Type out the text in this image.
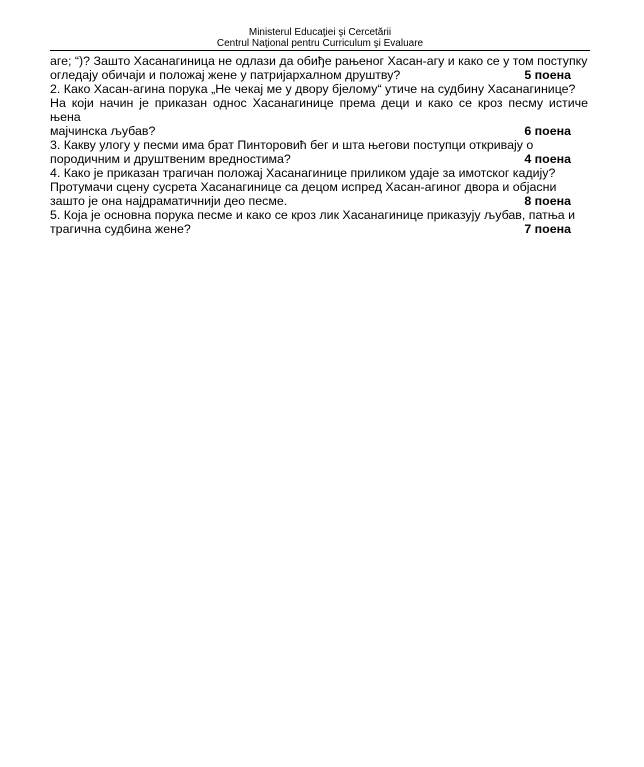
Ministerul Educaţiei şi Cercetării
Centrul Naţional pentru Curriculum şi Evaluare
аге; “)? Зашто Хасанагиница не одлази да обиђе рањеног Хасан-агу и како се у том поступку
огледају обичаји и положај жене у патријархалном друштву?	5 поена
2. Како Хасан-агина порука „Не чекај ме у двору бјелому“ утиче на судбину Хасанагинице?
На који начин је приказан однос Хасанагинице према деци и како се кроз песму истиче њена
мајчинска љубав?	6 поена
3. Какву улогу у песми има брат Пинторовић бег и шта његови поступци откривају о
породичним и друштвеним вредностима?	4 поена
4. Како је приказан трагичан положај Хасанагинице приликом удаје за имотског кадију?
Протумачи сцену сусрета Хасанагинице са децом испред Хасан-агиног двора и објасни
зашто је она најдраматичнији део песме.	8 поена
5. Која је основна порука песме и како се кроз лик Хасанагинице приказују љубав, патња и
трагична судбина жене?	7 поена
